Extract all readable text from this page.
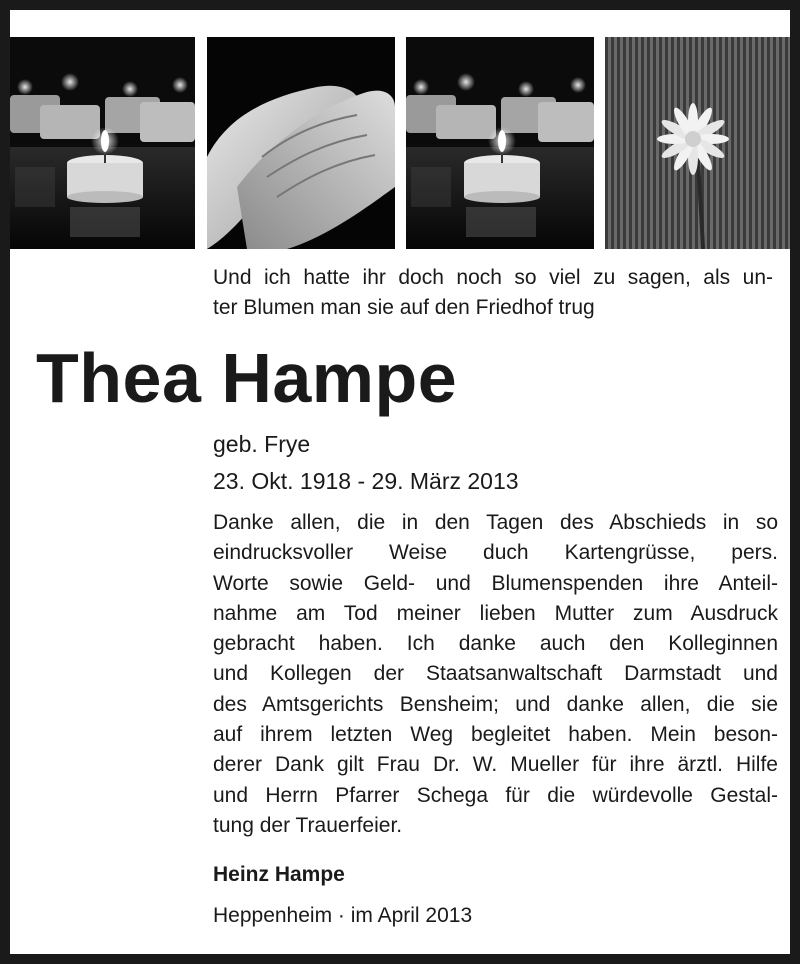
Und ich hatte ihr doch noch so viel zu sagen, als un-
ter Blumen man sie auf den Friedhof trug
Thea Hampe
geb. Frye
23. Okt. 1918 - 29. März 2013
Danke allen, die in den Tagen des Abschieds in so
eindrucksvoller Weise duch Kartengrüsse, pers.
Worte sowie Geld- und Blumenspenden ihre Anteil-
nahme am Tod meiner lieben Mutter zum Ausdruck
gebracht haben. Ich danke auch den Kolleginnen
und Kollegen der Staatsanwaltschaft Darmstadt und
des Amtsgerichts Bensheim; und danke allen, die sie
auf ihrem letzten Weg begleitet haben. Mein beson-
derer Dank gilt Frau Dr. W. Mueller für ihre ärztl. Hilfe
und Herrn Pfarrer Schega für die würdevolle Gestal-
tung der Trauerfeier.
Heinz Hampe
Heppenheim · im April 2013
